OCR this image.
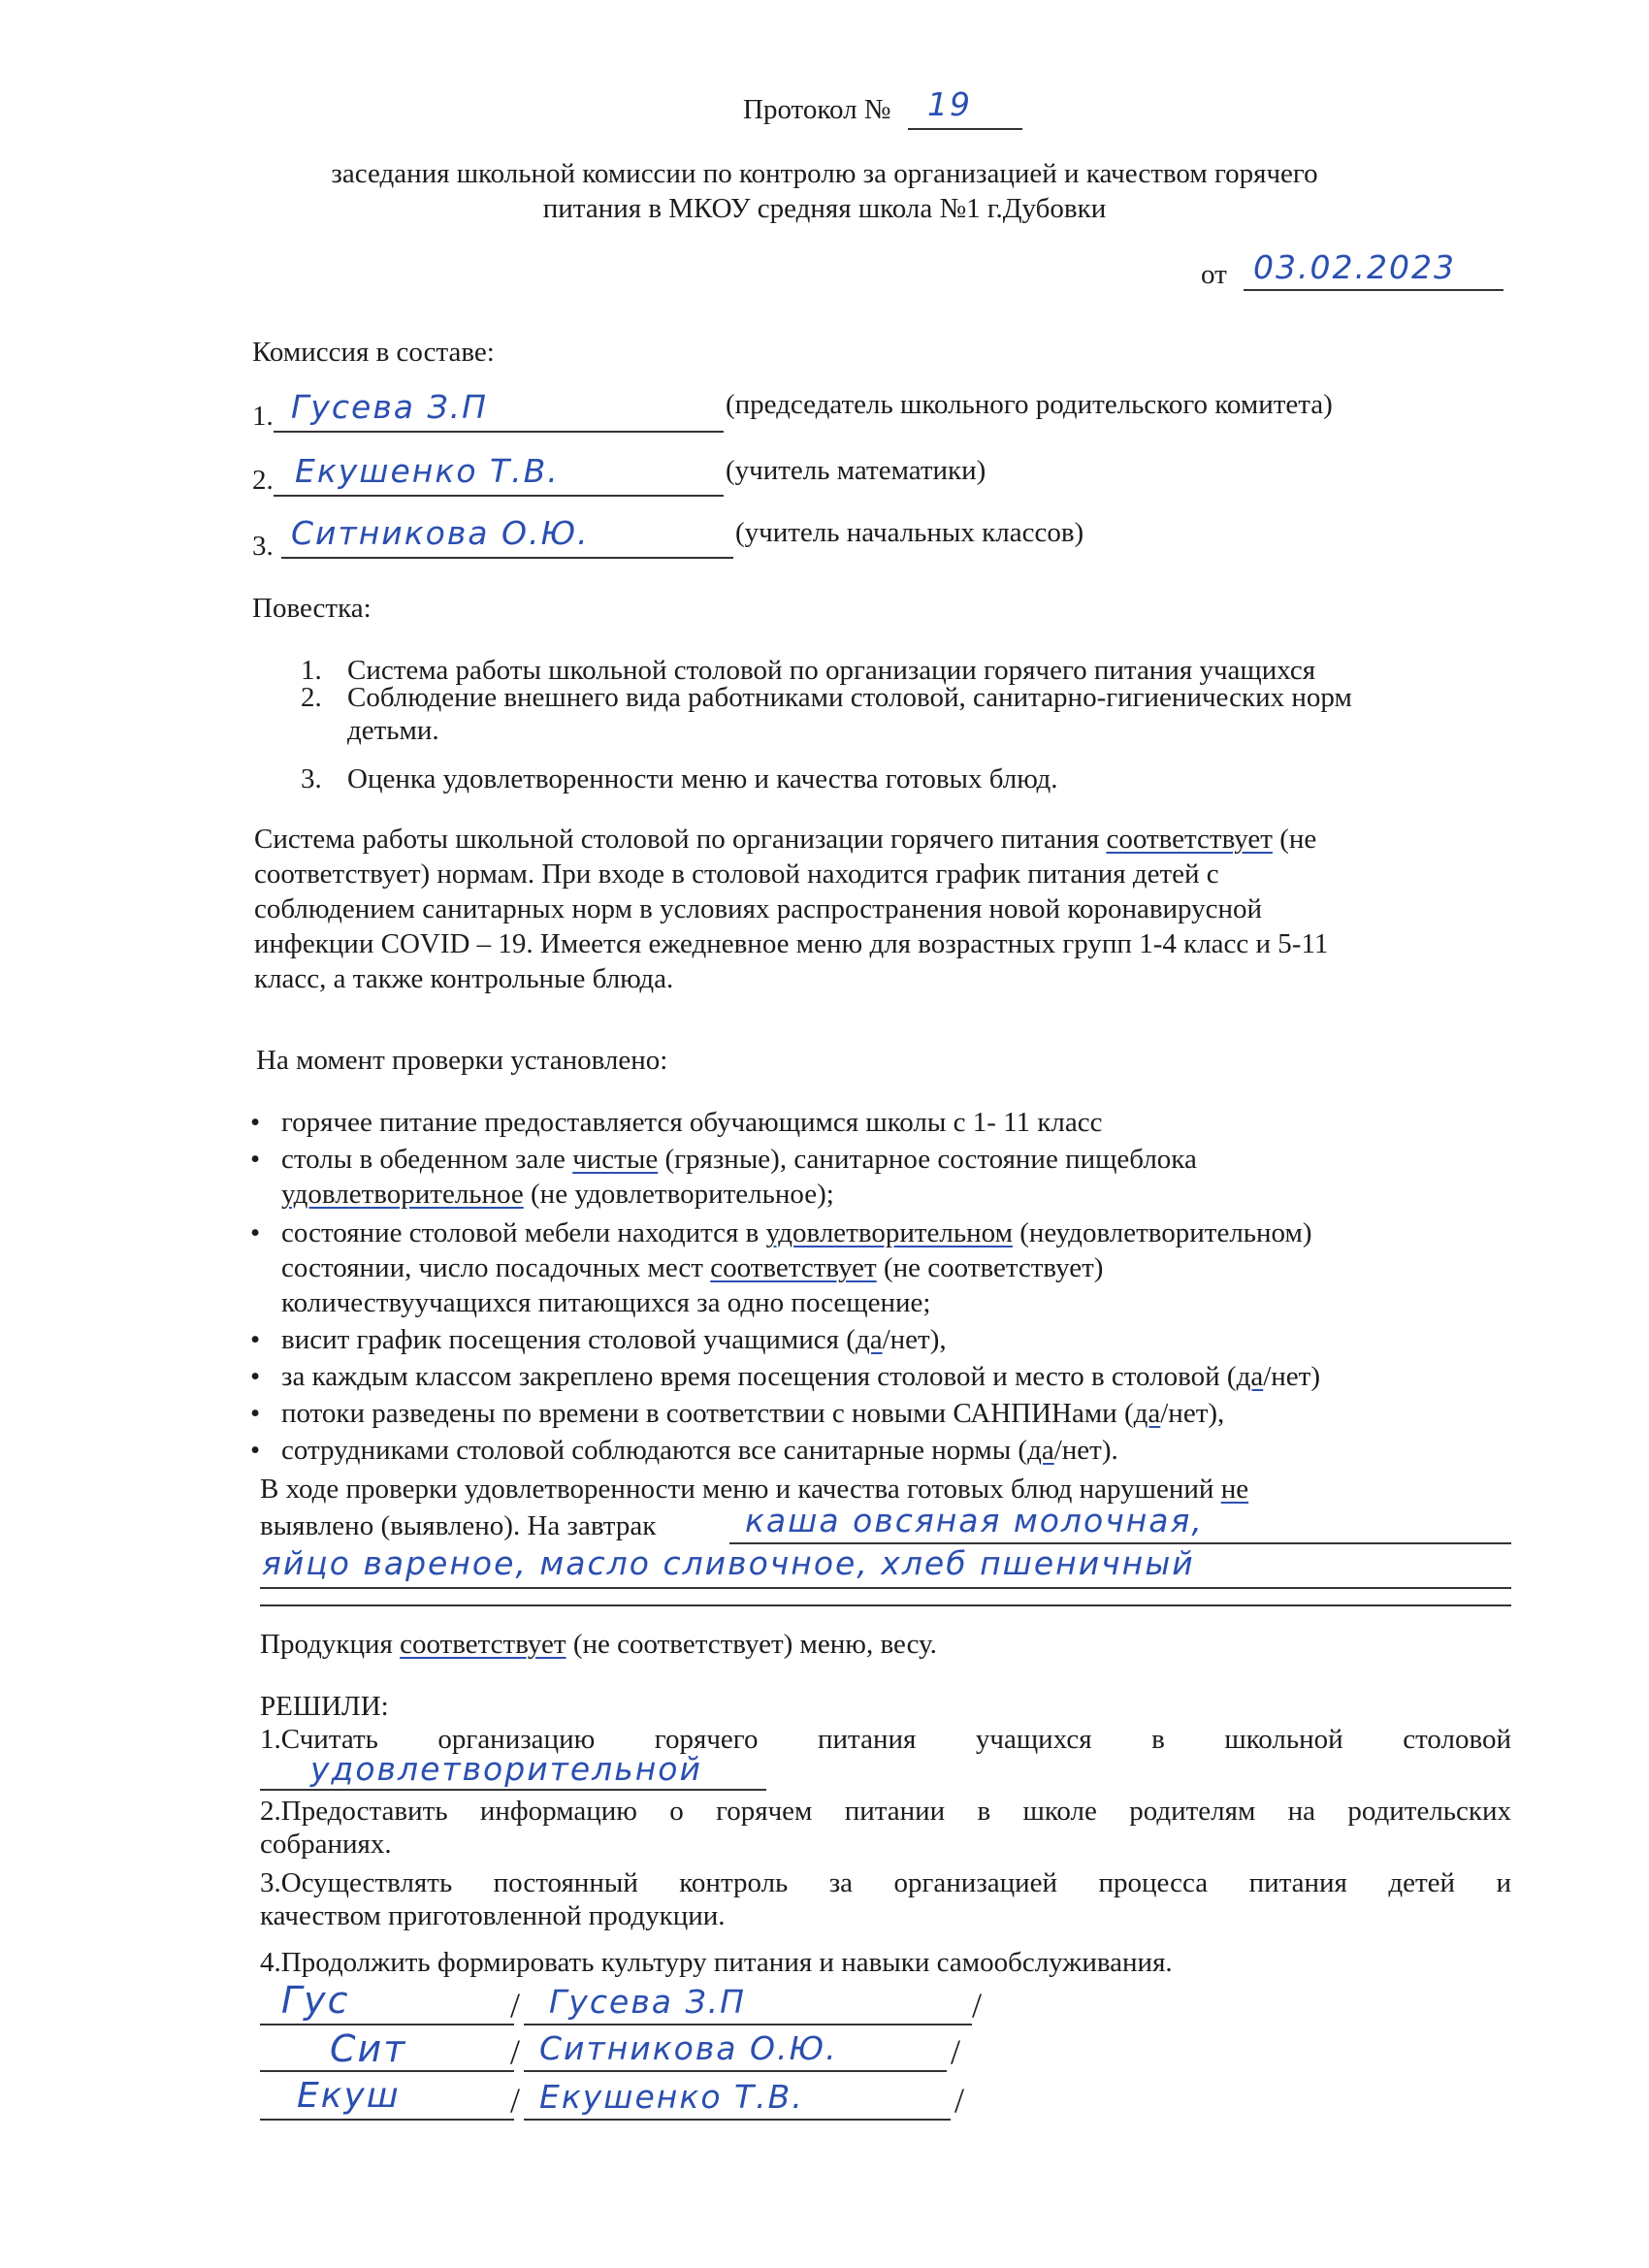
Протокол № 19
заседания школьной комиссии по контролю за организацией и качеством горячего
питания в МКОУ средняя школа №1 г.Дубовки
от 03.02.2023
Комиссия в составе:
1. Гусева З.П	(председатель школьного родительского комитета)
2. Екушенко Т.В.	(учитель математики)
3. Ситникова О.Ю.	(учитель начальных классов)
Повестка:
1. Система работы школьной столовой по организации горячего питания учащихся
2. Соблюдение внешнего вида работниками столовой, санитарно-гигиенических норм
детьми.
3. Оценка удовлетворенности меню и качества готовых блюд.
Система работы школьной столовой по организации горячего питания соответствует (не
соответствует) нормам. При входе в столовой находится график питания детей с
соблюдением санитарных норм в условиях распространения новой коронавирусной
инфекции COVID – 19. Имеется ежедневное меню для возрастных групп 1-4 класс и 5-11
класс, а также контрольные блюда.
На момент проверки установлено:
• горячее питание предоставляется обучающимся школы с 1- 11 класс
• столы в обеденном зале чистые (грязные), санитарное состояние пищеблока
удовлетворительное (не удовлетворительное);
• состояние столовой мебели находится в удовлетворительном (неудовлетворительном)
состоянии, число посадочных мест соответствует (не соответствует)
количествуучащихся питающихся за одно посещение;
• висит график посещения столовой учащимися (да/нет),
• за каждым классом закреплено время посещения столовой и место в столовой (да/нет)
• потоки разведены по времени в соответствии с новыми САНПИНами (да/нет),
• сотрудниками столовой соблюдаются все санитарные нормы (да/нет).
В ходе проверки удовлетворенности меню и качества готовых блюд нарушений не
выявлено (выявлено). На завтрак	каша овсяная молочная,
яйцо вареное, масло сливочное, хлеб пшеничный
Продукция соответствует (не соответствует) меню, весу.
РЕШИЛИ:
1.Считать организацию горячего питания учащихся в школьной столовой
удовлетворительной
2.Предоставить информацию о горячем питании в школе родителям на родительских
собраниях.
3.Осуществлять постоянный контроль за организацией процесса питания детей и
качеством приготовленной продукции.
4.Продолжить формировать культуру питания и навыки самообслуживания.
Гус	/ Гусева З.П	/
Сит	/ Ситникова О.Ю.	/
Екуш	/ Екушенко Т.В.	/
